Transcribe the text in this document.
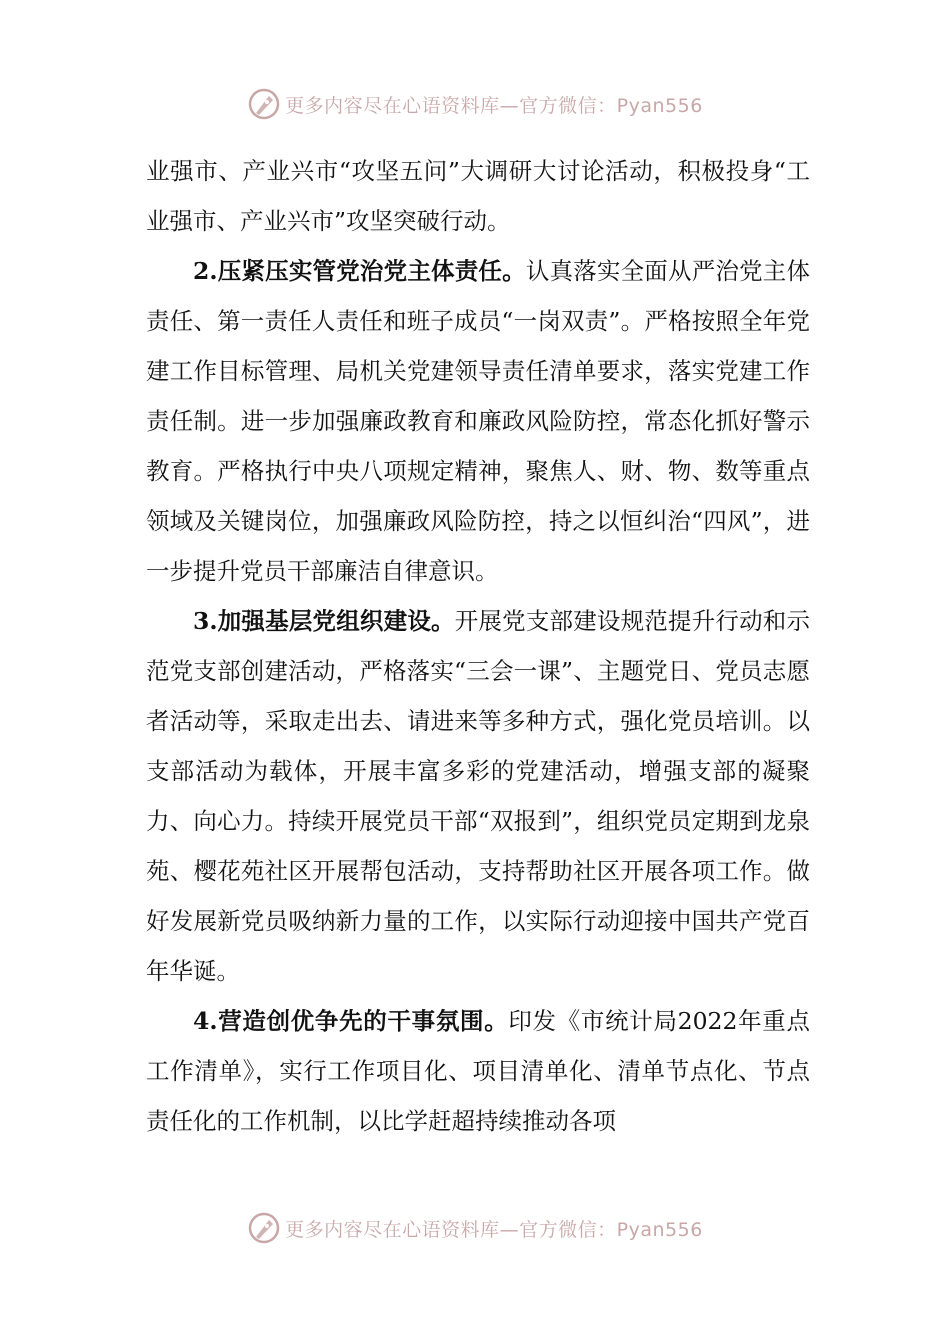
更多内容尽在心语资料库—官方微信：Pyan556

业强市、产业兴市“攻坚五问”大调研大讨论活动，积极投身“工业强市、产业兴市”攻坚突破行动。

2.压紧压实管党治党主体责任。认真落实全面从严治党主体责任、第一责任人责任和班子成员“一岗双责”。严格按照全年党建工作目标管理、局机关党建领导责任清单要求，落实党建工作责任制。进一步加强廉政教育和廉政风险防控，常态化抓好警示教育。严格执行中央八项规定精神，聚焦人、财、物、数等重点领域及关键岗位，加强廉政风险防控，持之以恒纠治“四风”，进一步提升党员干部廉洁自律意识。

3.加强基层党组织建设。开展党支部建设规范提升行动和示范党支部创建活动，严格落实“三会一课”、主题党日、党员志愿者活动等，采取走出去、请进来等多种方式，强化党员培训。以支部活动为载体，开展丰富多彩的党建活动，增强支部的凝聚力、向心力。持续开展党员干部“双报到”，组织党员定期到龙泉苑、樱花苑社区开展帮包活动，支持帮助社区开展各项工作。做好发展新党员吸纳新力量的工作，以实际行动迎接中国共产党百年华诞。

4.营造创优争先的干事氛围。印发《市统计局2022年重点工作清单》，实行工作项目化、项目清单化、清单节点化、节点责任化的工作机制，以比学赶超持续推动各项

更多内容尽在心语资料库—官方微信：Pyan556
